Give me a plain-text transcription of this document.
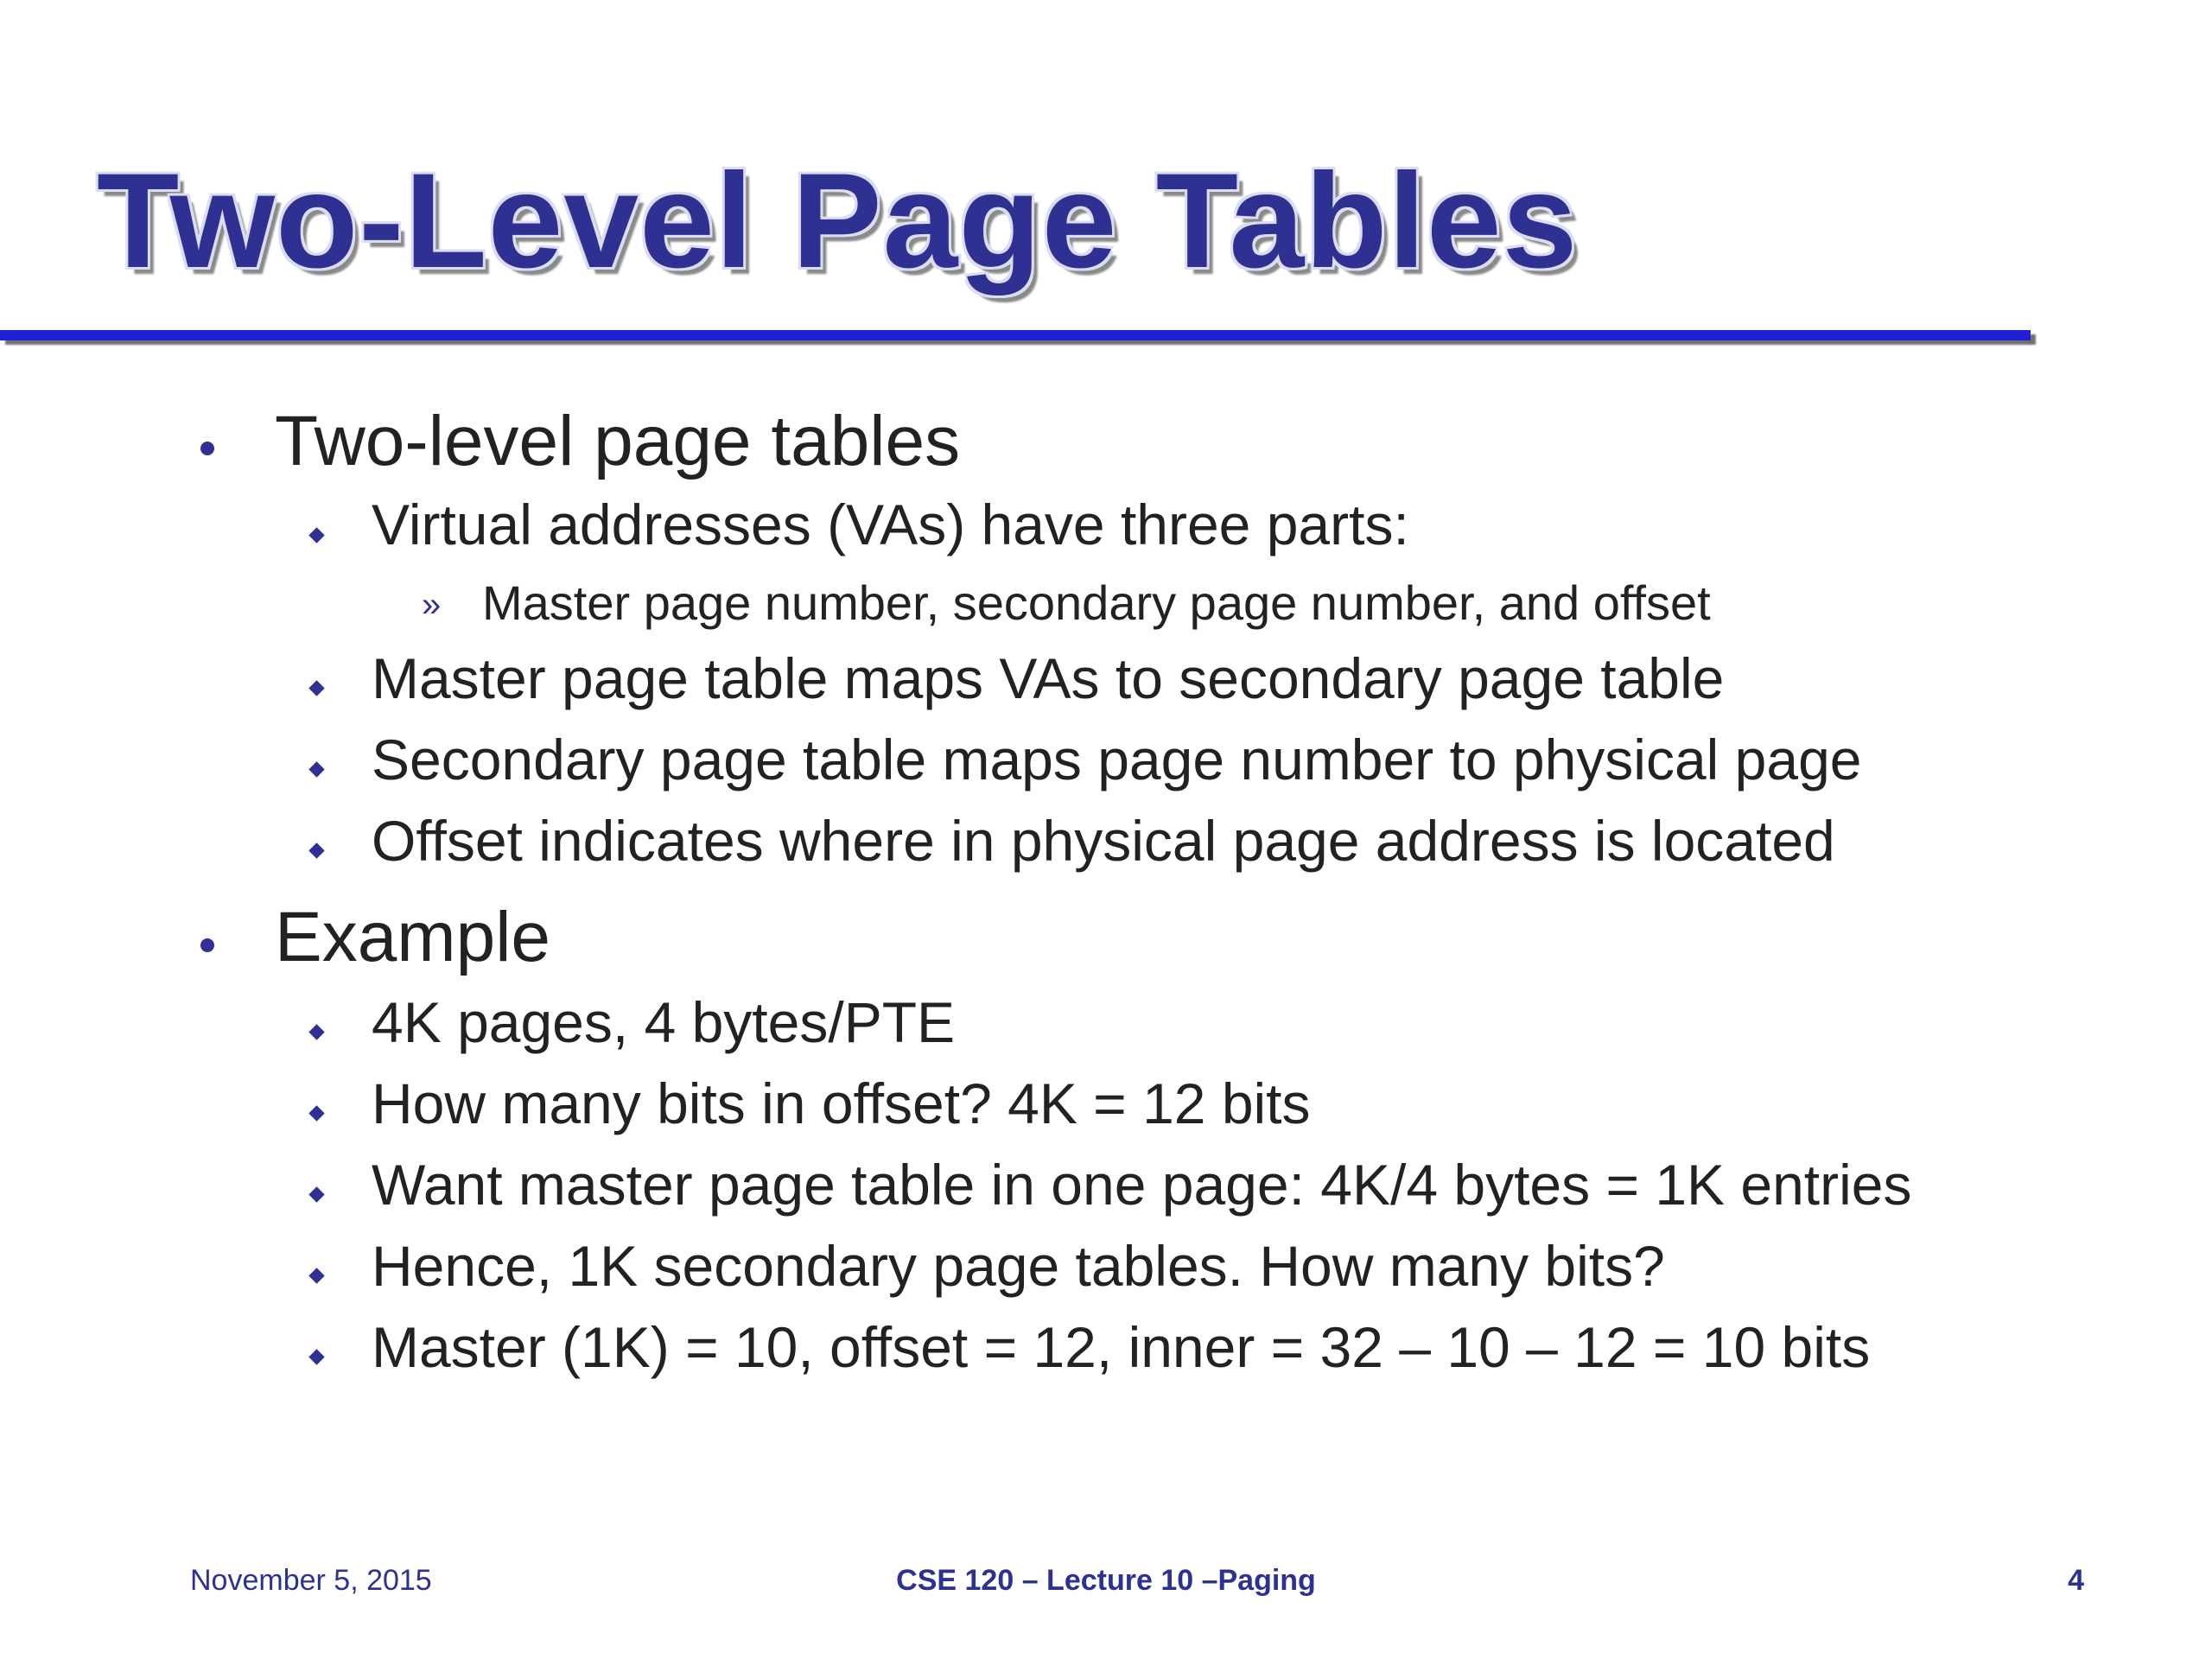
Two-Level Page Tables
Two-level page tables
Virtual addresses (VAs) have three parts:
» Master page number, secondary page number, and offset
Master page table maps VAs to secondary page table
Secondary page table maps page number to physical page
Offset indicates where in physical page address is located
Example
4K pages, 4 bytes/PTE
How many bits in offset? 4K = 12 bits
Want master page table in one page: 4K/4 bytes = 1K entries
Hence, 1K secondary page tables. How many bits?
Master (1K) = 10, offset = 12, inner = 32 – 10 – 12 = 10 bits
November 5, 2015	CSE 120 – Lecture 10 –Paging	4
